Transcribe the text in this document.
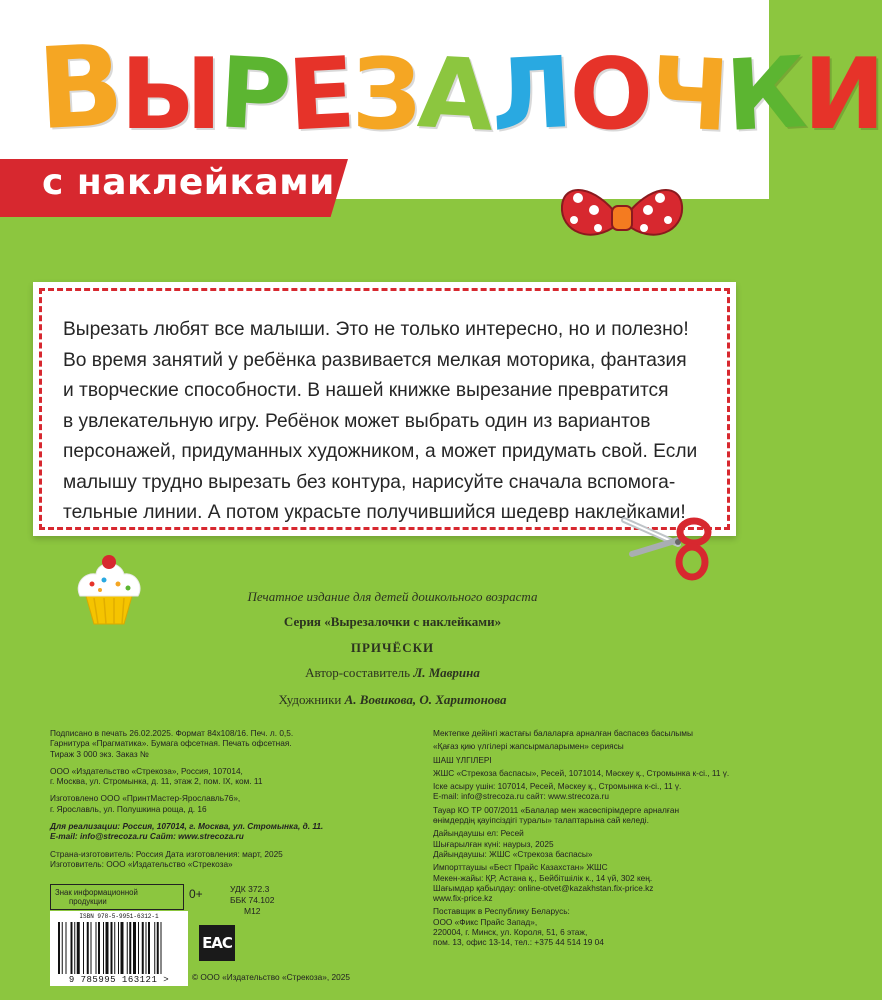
В
Ы
Р
Е
З
А
Л
О
Ч
К
И
с наклейками
Вырезать любят все малыши. Это не только интересно, но и полезно!
Во время занятий у ребёнка развивается мелкая моторика, фантазия
и творческие способности. В нашей книжке вырезание превратится
в увлекательную игру. Ребёнок может выбрать один из вариантов
персонажей, придуманных художником, а может придумать свой. Если
малышу трудно вырезать без контура, нарисуйте сначала вспомога-
тельные линии. А потом украсьте получившийся шедевр наклейками!
Печатное издание для детей дошкольного возраста
Серия «Вырезалочки с наклейками»
ПРИЧЁСКИ
Автор-составитель Л. Маврина
Художники А. Вовикова, О. Харитонова
Подписано в печать 26.02.2025. Формат 84х108/16. Печ. л. 0,5.
Гарнитура «Прагматика». Бумага офсетная. Печать офсетная.
Тираж 3 000 экз. Заказ №
ООО «Издательство «Стрекоза», Россия, 107014,
г. Москва, ул. Стромынка, д. 11, этаж 2, пом. IX, ком. 11
Изготовлено ООО «ПринтМастер-Ярославль76»,
г. Ярославль, ул. Полушкина роща, д. 16
Для реализации: Россия, 107014, г. Москва, ул. Стромынка, д. 11.
E-mail: info@strecoza.ru Сайт: www.strecoza.ru
Страна-изготовитель: Россия Дата изготовления: март, 2025
Изготовитель: ООО «Издательство «Стрекоза»
Мектепке дейінгі жастағы балаларға арналған баспасөз басылымы
«Қағаз қию үлгілері жапсырмаларымен» сериясы
ШАШ ҮЛГІЛЕРІ
ЖШС «Стрекоза баспасы», Ресей, 1071014, Мәскеу қ., Стромынка к-сі., 11 ү.
Іске асыру үшін: 107014, Ресей, Мәскеу қ., Стромынка к-сі., 11 ү.
E-mail: info@strecoza.ru сайт: www.strecoza.ru
Тауар КО ТР 007/2011 «Балалар мен жасөспірімдерге арналған
өнімдердің қауіпсіздігі туралы» талаптарына сай келеді.
Дайындаушы ел: Ресей
Шығарылған күні: наурыз, 2025
Дайындаушы: ЖШС «Стрекоза баспасы»
Импорттаушы «Бест Прайс Казахстан» ЖШС
Мекен-жайы: ҚР, Астана қ., Бейбітшілік к., 14 үй, 302 кең.
Шағымдар қабылдау: online-otvet@kazakhstan.fix-price.kz
www.fix-price.kz
Поставщик в Республику Беларусь:
ООО «Фикс Прайс Запад»,
220004, г. Минск, ул. Короля, 51, 6 этаж,
пом. 13, офис 13-14, тел.: +375 44 514 19 04
Знак информационной
продукции
0+	УДК 372.3
ББК 74.102
М12
ISBN 978-5-9951-6312-1
9 785995 163121 >
EAC
© ООО «Издательство «Стрекоза», 2025
